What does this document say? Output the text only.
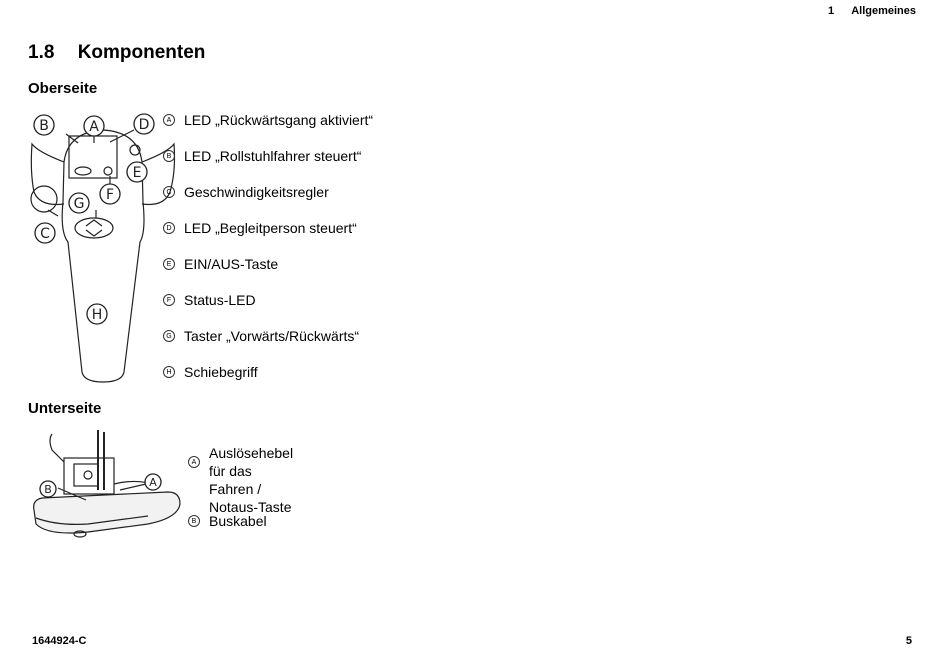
1 Allgemeines
1.8 Komponenten
Oberseite
B	A	D
E
F
G
C
H
A LED „Rückwärtsgang aktiviert“
B LED „Rollstuhlfahrer steuert“
C Geschwindigkeitsregler
D LED „Begleitperson steuert“
E EIN/AUS-Taste
F Status-LED
G Taster „Vorwärts/Rückwärts“
H Schiebegriff
Unterseite
B
A
A
Auslösehebel für das Fahren /
Notaus-Taste
B Buskabel
1644924-C	5
